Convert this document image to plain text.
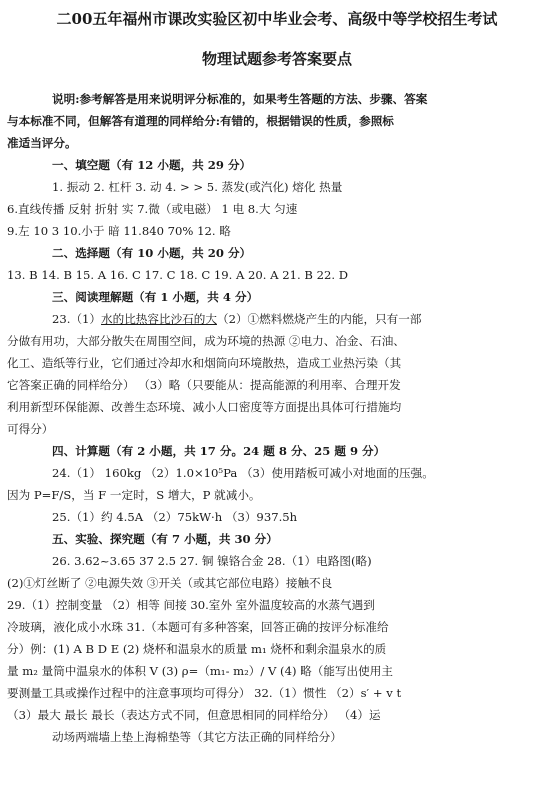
二00五年福州市课改实验区初中毕业会考、高级中等学校招生考试
物理试题参考答案要点
说明:参考解答是用来说明评分标准的，如果考生答题的方法、步骤、答案
与本标准不同，但解答有道理的同样给分:有错的，根据错误的性质，参照标
准适当评分。
一、填空题（有 12 小题，共 29 分）
1. 振动 2. 杠杆 3. 动 4. > > 5. 蒸发(或汽化) 熔化 热量
6.直线传播 反射 折射 实 7.微（或电磁） 1 电 8.大 匀速
9.左 10 3 10.小于 暗 11.840 70% 12. 略
二、选择题（有 10 小题，共 20 分）
13. B 14. B 15. A 16. C 17. C 18. C 19. A 20. A 21. B 22. D
三、阅读理解题（有 1 小题，共 4 分）
23.（1）水的比热容比沙石的大（2）①燃料燃烧产生的内能，只有一部
分做有用功，大部分散失在周围空间，成为环境的热源 ②电力、冶金、石油、
化工、造纸等行业，它们通过冷却水和烟筒向环境散热，造成工业热污染（其
它答案正确的同样给分） （3）略（只要能从：提高能源的利用率、合理开发
利用新型环保能源、改善生态环境、减小人口密度等方面提出具体可行措施均
可得分）
四、计算题（有 2 小题，共 17 分。24 题 8 分、25 题 9 分）
24.（1） 160kg （2）1.0×10⁵Pa （3）使用踏板可减小对地面的压强。
因为 P=F/S，当 F 一定时，S 增大，P 就减小。
25.（1）约 4.5A （2）75kW·h （3）937.5h
五、实验、探究题（有 7 小题，共 30 分）
26. 3.62~3.65 37 2.5 27. 铜 镍铬合金 28.（1）电路图(略)
(2)①灯丝断了 ②电源失效 ③开关（或其它部位电路）接触不良
29.（1）控制变量 （2）相等 间接 30.室外 室外温度较高的水蒸气遇到
冷玻璃，液化成小水珠 31.（本题可有多种答案，回答正确的按评分标准给
分）例：(1) A B D E (2) 烧杯和温泉水的质量 m₁ 烧杯和剩余温泉水的质
量 m₂ 量筒中温泉水的体积 V (3) ρ=（m₁- m₂）/ V (4) 略（能写出使用主
要测量工具或操作过程中的注意事项均可得分） 32.（1）惯性 （2）s′ + v t
（3）最大 最长 最长（表达方式不同，但意思相同的同样给分） （4）运
动场两端墙上垫上海棉垫等（其它方法正确的同样给分）
